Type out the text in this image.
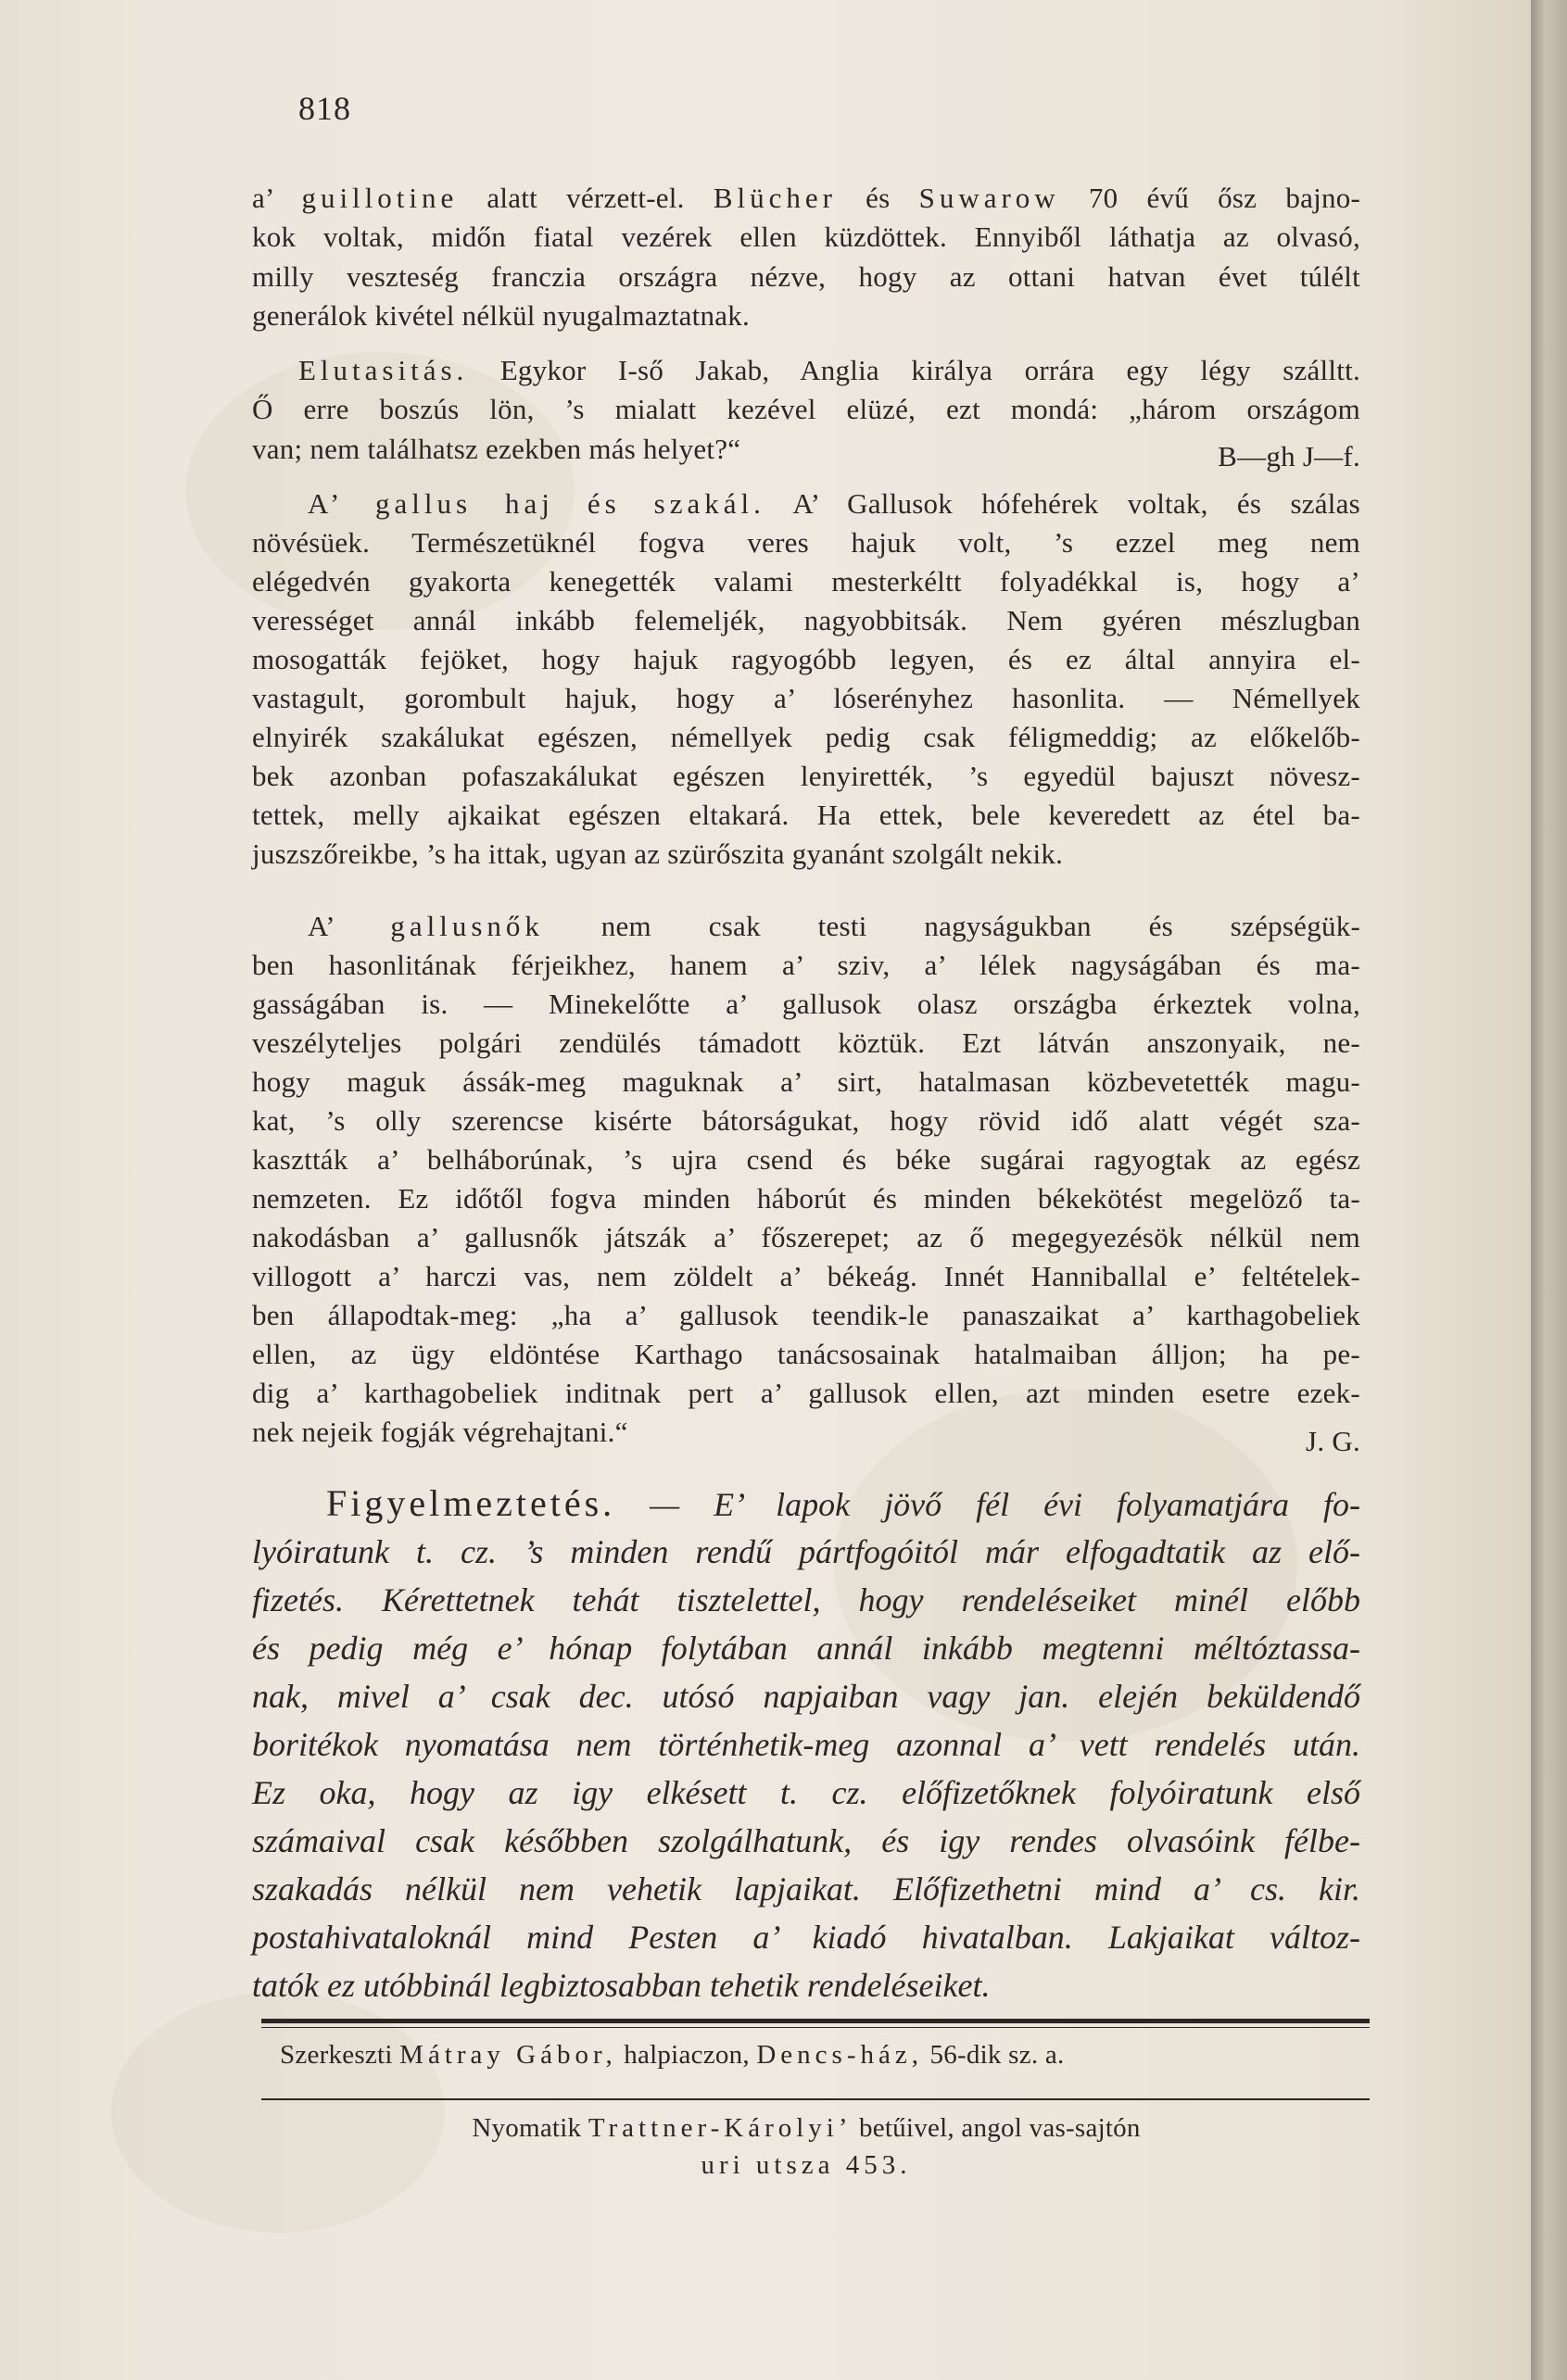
818
a’ guillotine alatt vérzett-el. Blücher és Suwarow 70 évű ősz bajno-
kok voltak, midőn fiatal vezérek ellen küzdöttek. Ennyiből láthatja az olvasó,
milly veszteség franczia országra nézve, hogy az ottani hatvan évet túlélt
generálok kivétel nélkül nyugalmaztatnak.
Elutasitás. Egykor I-ső Jakab, Anglia királya orrára egy légy szálltt.
Ő erre boszús lön, ’s mialatt kezével elüzé, ezt mondá: „három országom
van; nem találhatsz ezekben más helyet?“	B—gh J—f.
A’ gallus haj és szakál. A’ Gallusok hófehérek voltak, és szálas
növésüek. Természetüknél fogva veres hajuk volt, ’s ezzel meg nem
elégedvén gyakorta kenegették valami mesterkéltt folyadékkal is, hogy a’
verességet annál inkább felemeljék, nagyobbitsák. Nem gyéren mészlugban
mosogatták fejöket, hogy hajuk ragyogóbb legyen, és ez által annyira el-
vastagult, gorombult hajuk, hogy a’ lóserényhez hasonlita. — Némellyek
elnyirék szakálukat egészen, némellyek pedig csak féligmeddig; az előkelőb-
bek azonban pofaszakálukat egészen lenyirették, ’s egyedül bajuszt növesz-
tettek, melly ajkaikat egészen eltakará. Ha ettek, bele keveredett az étel ba-
juszszőreikbe, ’s ha ittak, ugyan az szürőszita gyanánt szolgált nekik.
A’ gallusnők nem csak testi nagyságukban és szépségük-
ben hasonlitának férjeikhez, hanem a’ sziv, a’ lélek nagyságában és ma-
gasságában is. — Minekelőtte a’ gallusok olasz országba érkeztek volna,
veszélyteljes polgári zendülés támadott köztük. Ezt látván anszonyaik, ne-
hogy maguk ássák-meg maguknak a’ sirt, hatalmasan közbevetették magu-
kat, ’s olly szerencse kisérte bátorságukat, hogy rövid idő alatt végét sza-
kasztták a’ belháborúnak, ’s ujra csend és béke sugárai ragyogtak az egész
nemzeten. Ez időtől fogva minden háborút és minden békekötést megelöző ta-
nakodásban a’ gallusnők játszák a’ főszerepet; az ő megegyezésök nélkül nem
villogott a’ harczi vas, nem zöldelt a’ békeág. Innét Hanniballal e’ feltételek-
ben állapodtak-meg: „ha a’ gallusok teendik-le panaszaikat a’ karthagobeliek
ellen, az ügy eldöntése Karthago tanácsosainak hatalmaiban álljon; ha pe-
dig a’ karthagobeliek inditnak pert a’ gallusok ellen, azt minden esetre ezek-
nek nejeik fogják végrehajtani.“	J. G.
Figyelmeztetés. — E’ lapok jövő fél évi folyamatjára fo-
lyóiratunk t. cz. ’s minden rendű pártfogóitól már elfogadtatik az elő-
fizetés. Kérettetnek tehát tisztelettel, hogy rendeléseiket minél előbb
és pedig még e’ hónap folytában annál inkább megtenni méltóztassa-
nak, mivel a’ csak dec. utósó napjaiban vagy jan. elején beküldendő
boritékok nyomatása nem történhetik-meg azonnal a’ vett rendelés után.
Ez oka, hogy az igy elkésett t. cz. előfizetőknek folyóiratunk első
számaival csak későbben szolgálhatunk, és igy rendes olvasóink félbe-
szakadás nélkül nem vehetik lapjaikat. Előfizethetni mind a’ cs. kir.
postahivataloknál mind Pesten a’ kiadó hivatalban. Lakjaikat változ-
tatók ez utóbbinál legbiztosabban tehetik rendeléseiket.
Szerkeszti Mátray Gábor, halpiaczon, Dencs-ház, 56-dik sz. a.
Nyomatik Trattner-Károlyi’ betűivel, angol vas-sajtón
uri utsza 453.
